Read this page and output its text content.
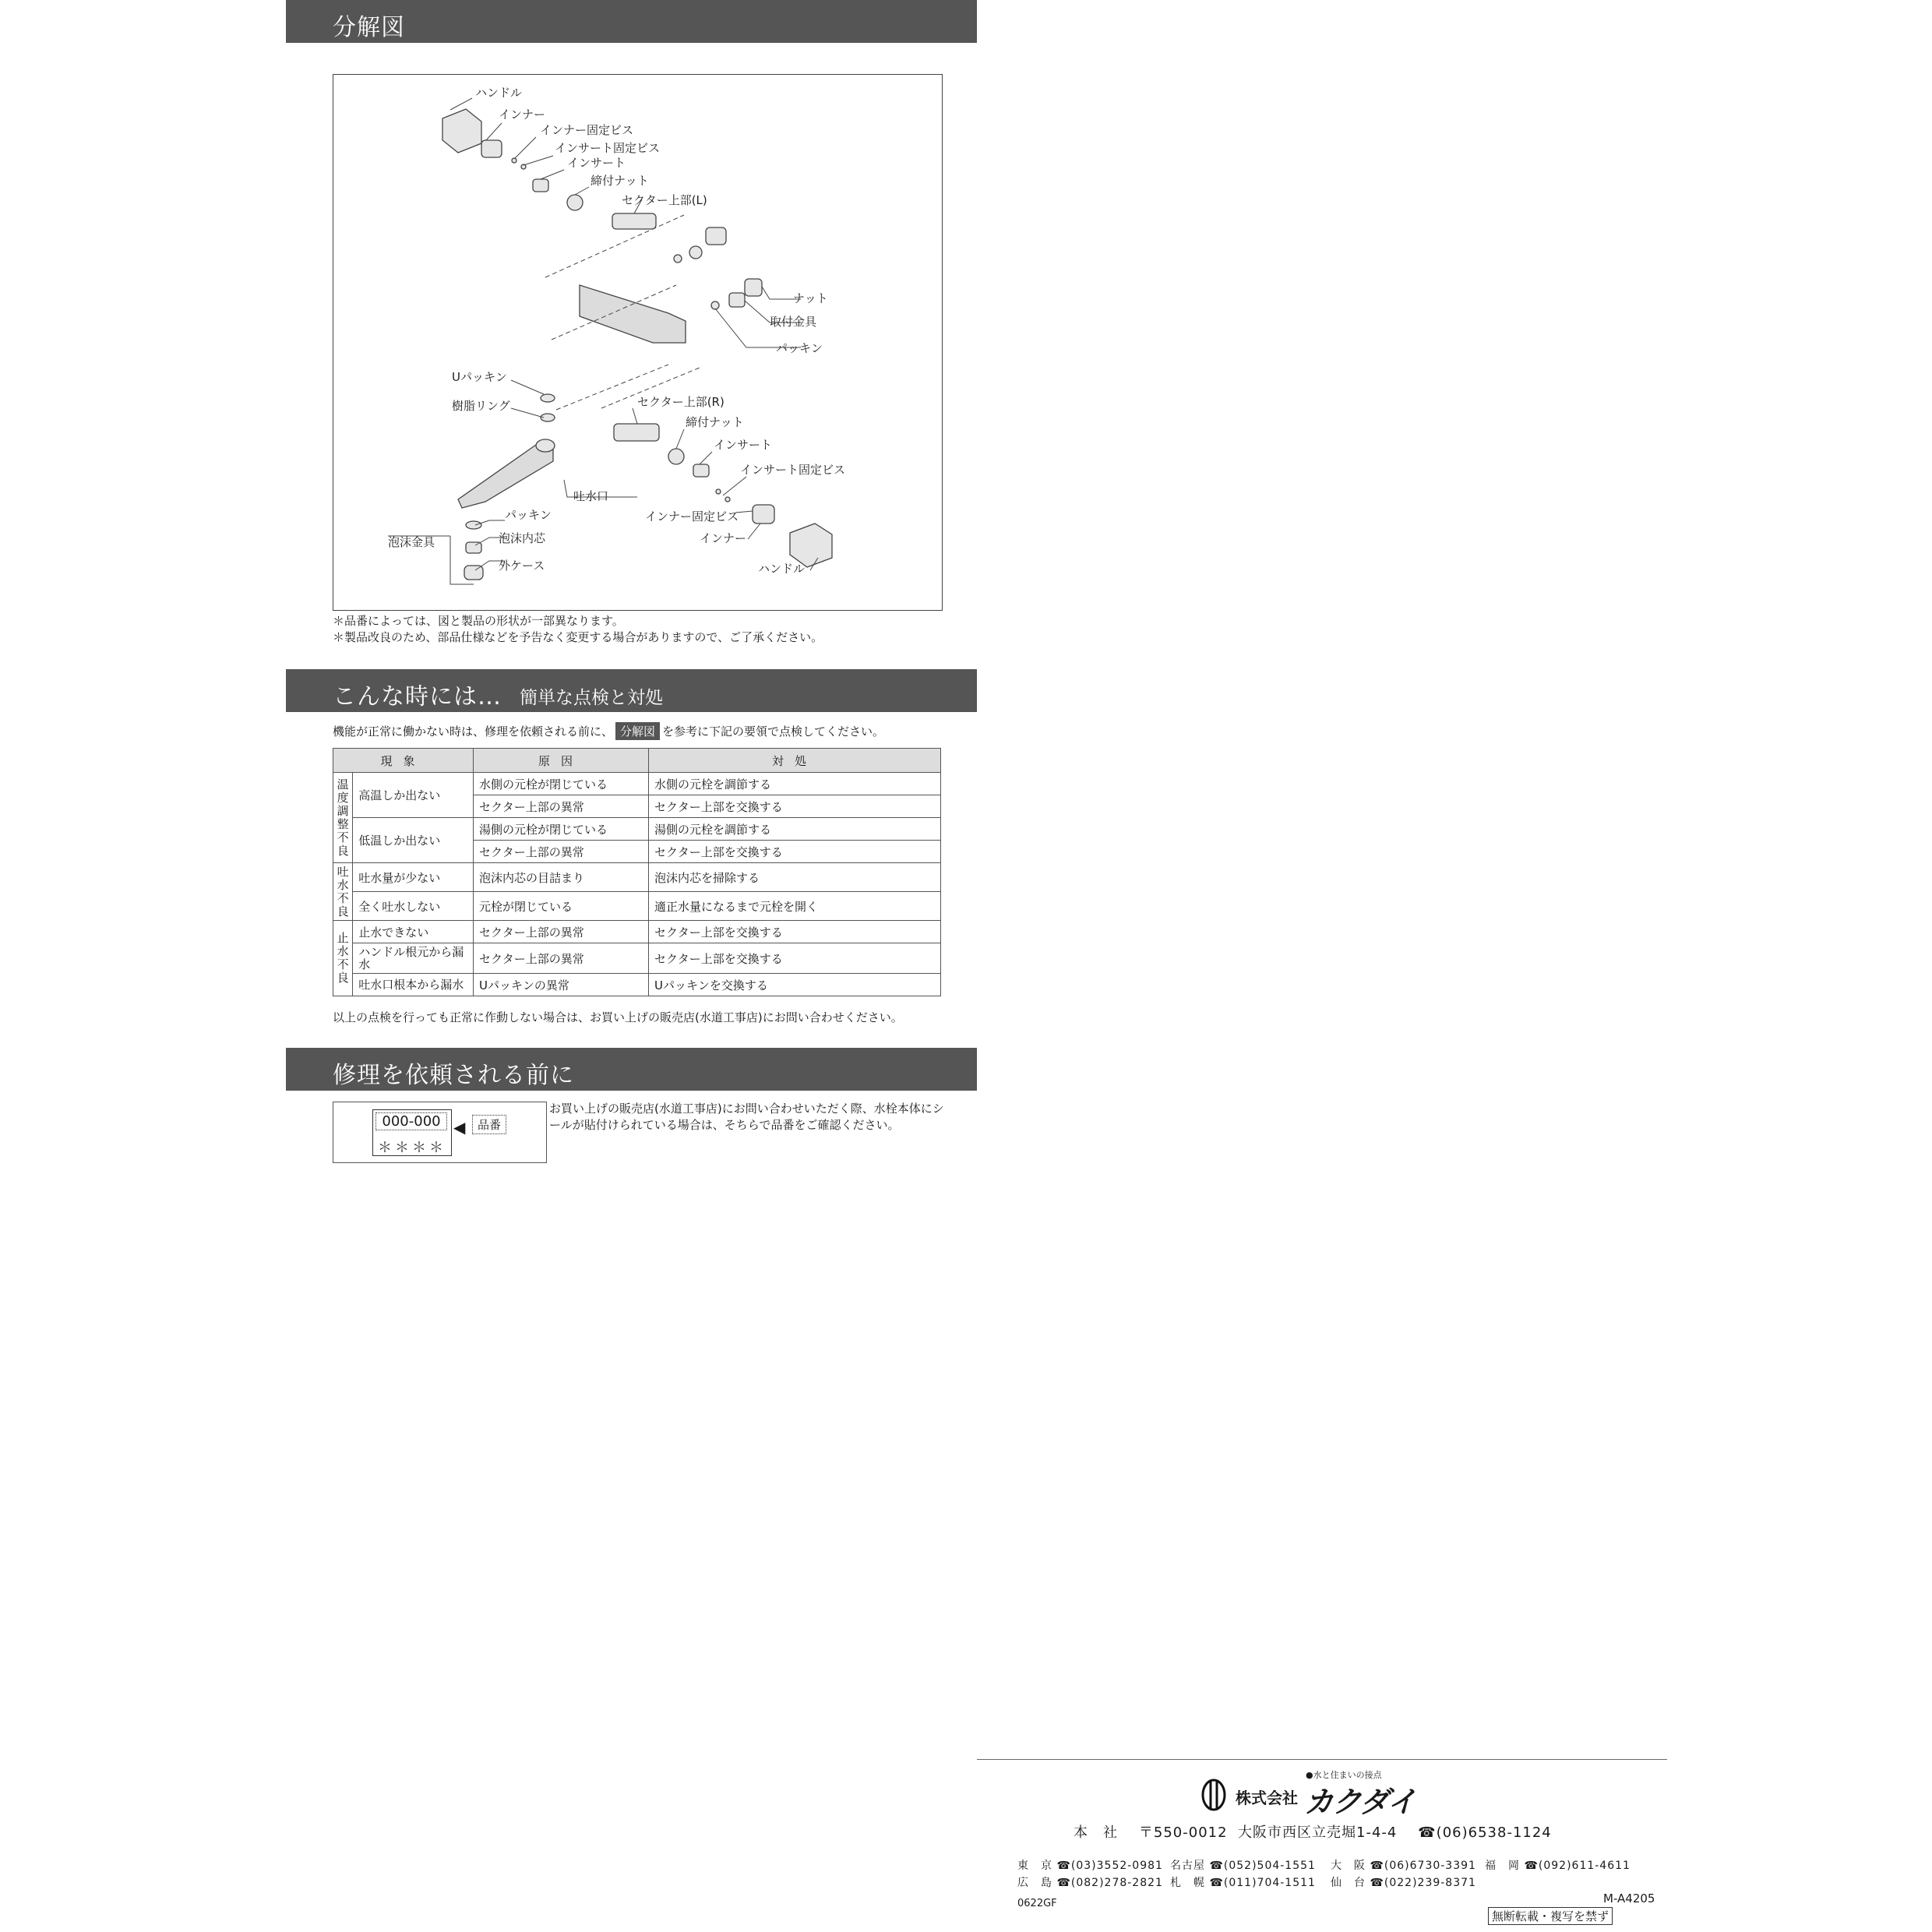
分解図
ハンドル
インナー
インナー固定ビス
インサート固定ビス
インサート
締付ナット
セクター上部(L)
ナット
取付金具
パッキン
Uパッキン
樹脂リング	セクター上部(R)
締付ナット
インサート
インサート固定ビス
吐水口
パッキン
泡沫金具	泡沫内芯
外ケース
インナー固定ビス
インナー
ハンドル
＊品番によっては、図と製品の形状が一部異なります。
＊製品改良のため、部品仕様などを予告なく変更する場合がありますので、ご了承ください。
こんな時には… 簡単な点検と対処
機能が正常に働かない時は、修理を依頼される前に、 分解図 を参考に下記の要領で点検してください。
現象		原因	対処
温度調整不良	高温しか出ない	水側の元栓が閉じている	水側の元栓を調節する
		セクター上部の異常	セクター上部を交換する
	低温しか出ない	湯側の元栓が閉じている	湯側の元栓を調節する
		セクター上部の異常	セクター上部を交換する
吐水不良	吐水量が少ない	泡沫内芯の目詰まり	泡沫内芯を掃除する
	全く吐水しない	元栓が閉じている	適正水量になるまで元栓を開く
止水不良	止水できない	セクター上部の異常	セクター上部を交換する
	ハンドル根元から漏水	セクター上部の異常	セクター上部を交換する
	吐水口根本から漏水	Uパッキンの異常	Uパッキンを交換する
以上の点検を行っても正常に作動しない場合は、お買い上げの販売店(水道工事店)にお問い合わせください。
修理を依頼される前に
000-000
＊＊＊＊
◀	品番
お買い上げの販売店(水道工事店)にお問い合わせいただく際、水栓本体にシールが貼付けられている場合は、そちらで品番をご確認ください。
●水と住まいの接点
株式会社 カクダイ
本　社 〒550-0012 大阪市西区立売堀1-4-4 ☎(06)6538-1124
東　京 ☎(03)3552-0981 名古屋 ☎(052)504-1551 大　阪 ☎(06)6730-3391 福　岡 ☎(092)611-4611
広　島 ☎(082)278-2821 札　幌 ☎(011)704-1511 仙　台 ☎(022)239-8371
0622GF	M-A4205
無断転載・複写を禁ず
